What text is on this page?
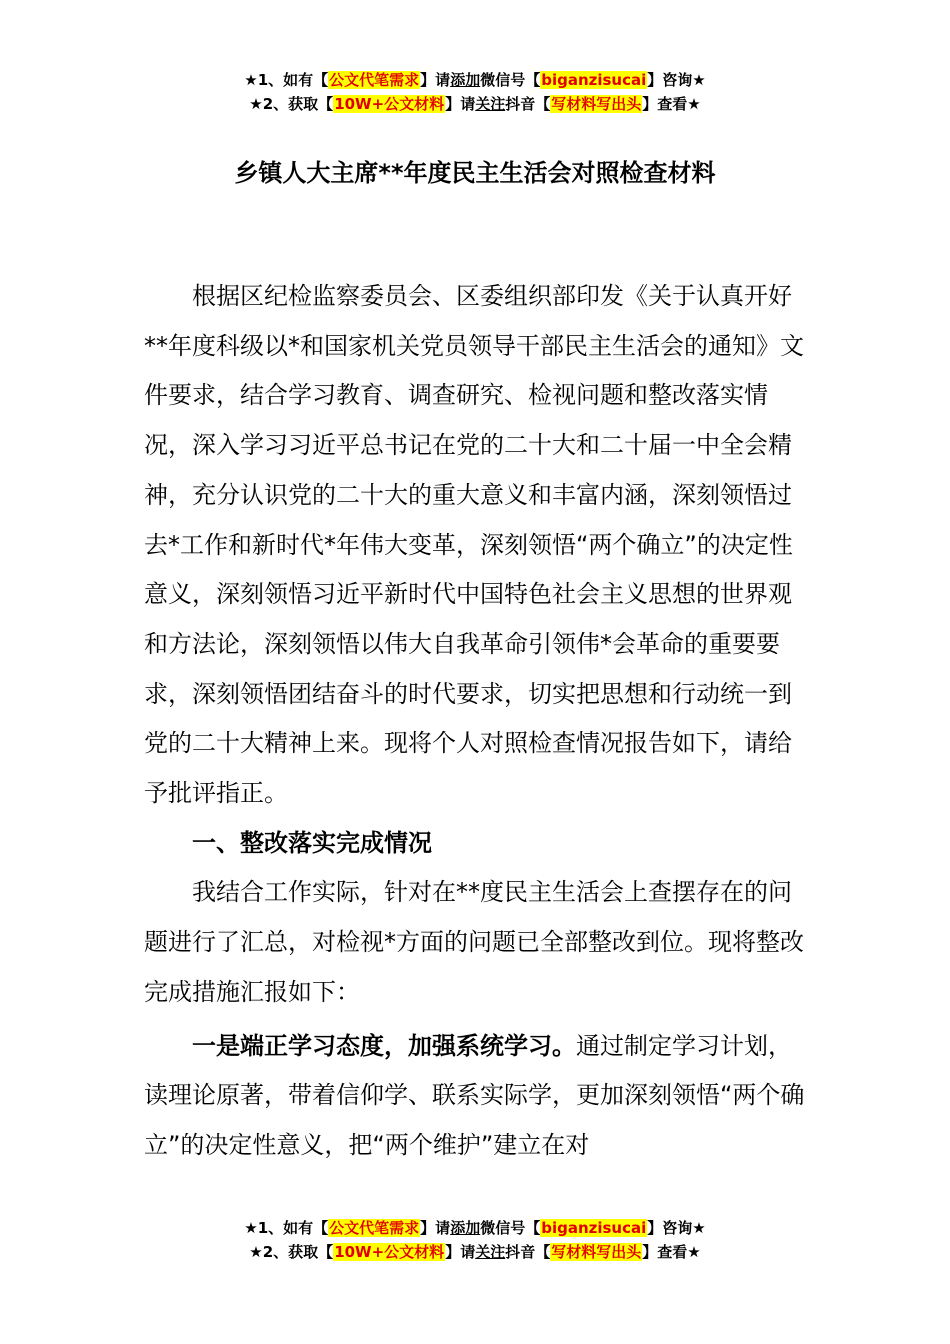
★1、如有【公文代笔需求】请添加微信号【biganzisucai】咨询★
★2、获取【10W+公文材料】请关注抖音【写材料写出头】查看★
乡镇人大主席**年度民主生活会对照检查材料

根据区纪检监察委员会、区委组织部印发《关于认真开好**年度科级以*和国家机关党员领导干部民主生活会的通知》文件要求，结合学习教育、调查研究、检视问题和整改落实情况，深入学习习近平总书记在党的二十大和二十届一中全会精神，充分认识党的二十大的重大意义和丰富内涵，深刻领悟过去*工作和新时代*年伟大变革，深刻领悟“两个确立”的决定性意义，深刻领悟习近平新时代中国特色社会主义思想的世界观和方法论，深刻领悟以伟大自我革命引领伟*会革命的重要要求，深刻领悟团结奋斗的时代要求，切实把思想和行动统一到党的二十大精神上来。现将个人对照检查情况报告如下，请给予批评指正。

一、整改落实完成情况

我结合工作实际，针对在**度民主生活会上查摆存在的问题进行了汇总，对检视*方面的问题已全部整改到位。现将整改完成措施汇报如下：

一是端正学习态度，加强系统学习。通过制定学习计划，读理论原著，带着信仰学、联系实际学，更加深刻领悟“两个确立”的决定性意义，把“两个维护”建立在对

★1、如有【公文代笔需求】请添加微信号【biganzisucai】咨询★
★2、获取【10W+公文材料】请关注抖音【写材料写出头】查看★
